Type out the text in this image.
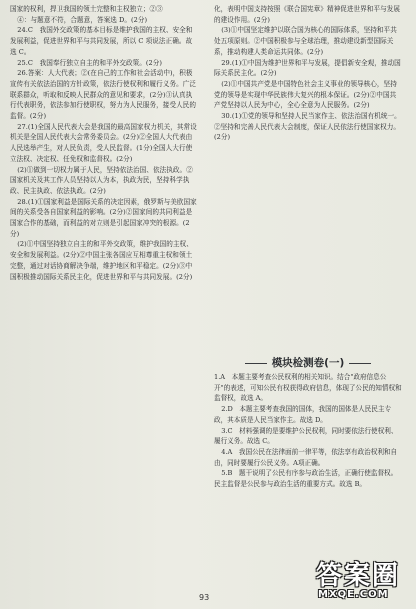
国家的权利，捍卫我国的领土完整和主权独立；②③

④：与题意不符，合题意，答案选 D。(2分)

24.C　我国外交政策的基本目标是维护我国的主权、安全和发展利益，促进世界和平与共同发展，所以 C 项说法正确。故选 C。

25.C　我国奉行独立自主的和平外交政策。(2分)

26.答案：人大代表；②(在自己的工作和社会活动中)，积极宣传有关依法治国的方针政策，依法行使权利和履行义务。广泛联系群众，听取和反映人民群众的意见和要求，(2分)③认真执行代表职务，依法参加行使职权，努力为人民服务，接受人民的监督。(2分)

27.(1)全国人民代表大会是我国的最高国家权力机关，其常设机关是全国人民代表大会常务委员会。(2分)②全国人大代表由人民选举产生，对人民负责，受人民监督。(1分)全国人大行使立法权、决定权、任免权和监督权。(2分)

(2)①做到一切权力属于人民，坚持依法治国、依法执政。②国家机关及其工作人员坚持以人为本，执政为民，坚持科学执政、民主执政、依法执政。(2分)

28.(1)①国家利益是国际关系的决定因素，俄罗斯与美欧国家间的关系受各自国家利益的影响。(2分)②国家间的共同利益是国家合作的基础，而利益的对立则是引起国家冲突的根源。(2分)

(2)①中国坚持独立自主的和平外交政策，维护我国的主权、安全和发展利益。(2分)②中国主张各国应互相尊重主权和领土完整，通过对话协商解决争端，维护地区和平稳定。(2分)③中国积极推动国际关系民主化，促进世界和平与共同发展。(2分)

化，表明中国支持按照《联合国宪章》精神促进世界和平与发展的建设作用。(2分)

(3)①中国坚定维护以联合国为核心的国际体系，坚持和平共处五项原则。②中国积极参与全球治理，推动建设新型国际关系，推动构建人类命运共同体。(2分)

29.(1)①中国为维护世界和平与发展，提倡新安全观，推动国际关系民主化。(2分)

(2)①中国共产党是中国特色社会主义事业的领导核心，坚持党的领导是实现中华民族伟大复兴的根本保证。(2分)②中国共产党坚持以人民为中心，全心全意为人民服务。(2分)

30.(1)①党的领导和坚持人民当家作主、依法治国有机统一。②坚持和完善人民代表大会制度，保证人民依法行使国家权力。(2分)

模块检测卷(一)

1.A　本题主要考查公民权利的相关知识。结合"政府信息公开"的表述，可知公民有权获得政府信息，体现了公民的知情权和监督权，故选 A。

2.D　本题主要考查我国的国体，我国的国体是人民民主专政，其本质是人民当家作主。故选 D。

3.C　材料强调的是要维护公民权利，同时要依法行使权利、履行义务。故选 C。

4.A　我国公民在法律面前一律平等，依法享有政治权利和自由，同时要履行公民义务。A项正确。

5.B　题干说明了公民有序参与政治生活，正确行使监督权。民主监督是公民参与政治生活的重要方式。故选 B。

93
答案圈
MXQE.COM
